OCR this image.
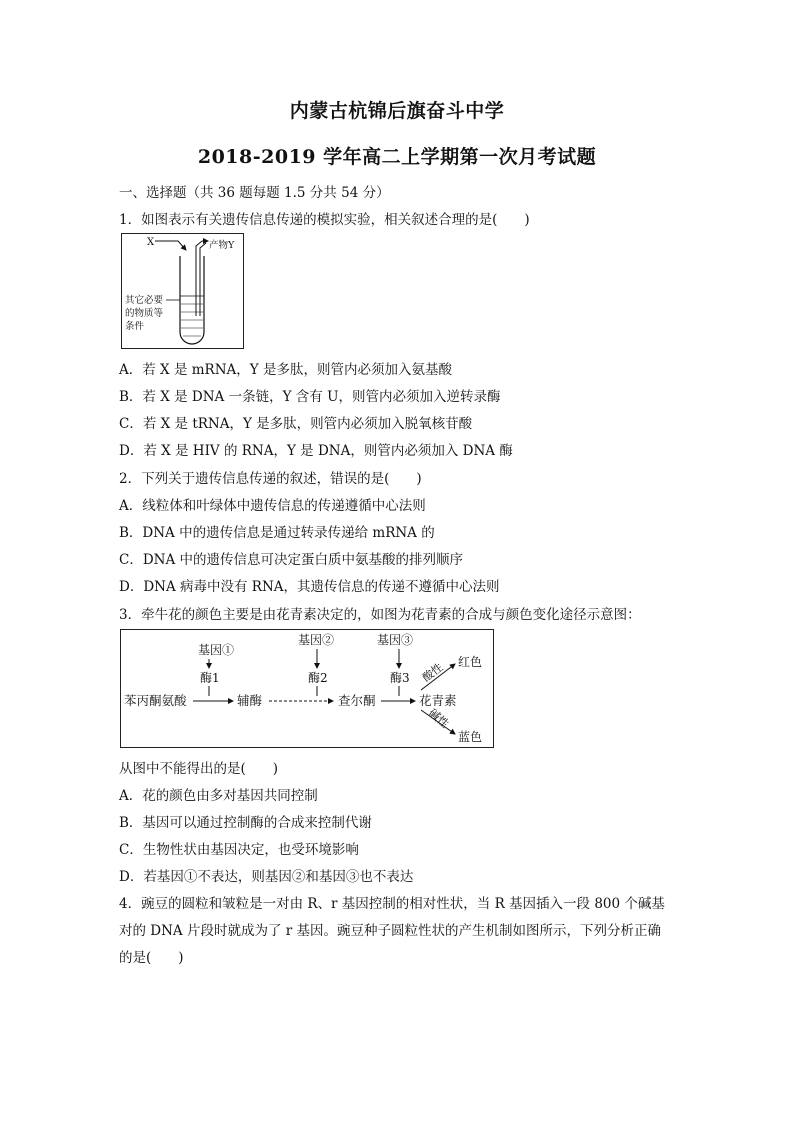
内蒙古杭锦后旗奋斗中学
2018-2019 学年高二上学期第一次月考试题
一、选择题（共 36 题每题 1.5 分共 54 分）
1．如图表示有关遗传信息传递的模拟实验，相关叙述合理的是(　　)
X	产物Y
其它必要
的物质等
条件
A．若 X 是 mRNA，Y 是多肽，则管内必须加入氨基酸
B．若 X 是 DNA 一条链，Y 含有 U，则管内必须加入逆转录酶
C．若 X 是 tRNA，Y 是多肽，则管内必须加入脱氧核苷酸
D．若 X 是 HIV 的 RNA，Y 是 DNA，则管内必须加入 DNA 酶
2．下列关于遗传信息传递的叙述，错误的是(　　)
A．线粒体和叶绿体中遗传信息的传递遵循中心法则
B．DNA 中的遗传信息是通过转录传递给 mRNA 的
C．DNA 中的遗传信息可决定蛋白质中氨基酸的排列顺序
D．DNA 病毒中没有 RNA，其遗传信息的传递不遵循中心法则
3．牵牛花的颜色主要是由花青素决定的，如图为花青素的合成与颜色变化途径示意图：
基因①
基因②	基因③
酶1	酶2	酶3
苯丙酮氨酸	辅酶	查尔酮	花青素
酸性 红色
碱性
蓝色
从图中不能得出的是(　　)
A．花的颜色由多对基因共同控制
B．基因可以通过控制酶的合成来控制代谢
C．生物性状由基因决定，也受环境影响
D．若基因①不表达，则基因②和基因③也不表达
4．豌豆的圆粒和皱粒是一对由 R、r 基因控制的相对性状，当 R 基因插入一段 800 个碱基
对的 DNA 片段时就成为了 r 基因。豌豆种子圆粒性状的产生机制如图所示，下列分析正确
的是(　　)
